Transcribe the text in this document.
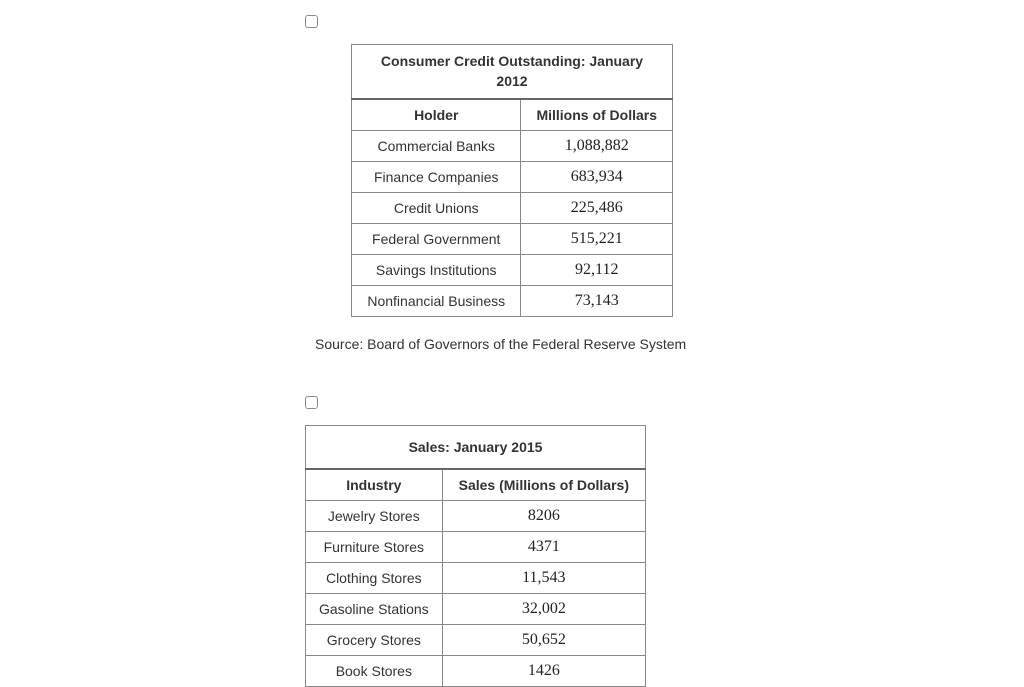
Consumer Credit Outstanding: January 2012	
Holder	Millions of Dollars
Commercial Banks	1,088,882
Finance Companies	683,934
Credit Unions	225,486
Federal Government	515,221
Savings Institutions	92,112
Nonfinancial Business	73,143
Source: Board of Governors of the Federal Reserve System
Sales: January 2015	
Industry	Sales (Millions of Dollars)
Jewelry Stores	8206
Furniture Stores	4371
Clothing Stores	11,543
Gasoline Stations	32,002
Grocery Stores	50,652
Book Stores	1426
